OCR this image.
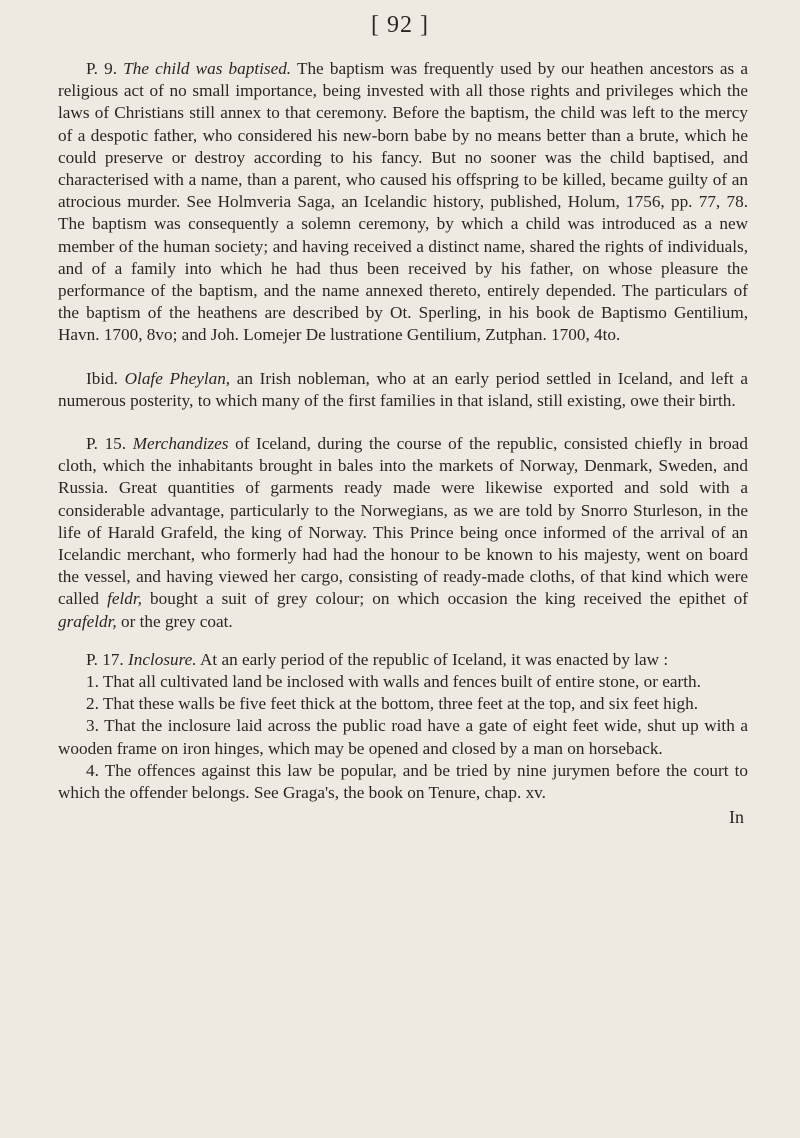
[ 92 ]

P. 9. The child was baptised. The baptism was frequently used by our heathen ancestors as a religious act of no small importance, being invested with all those rights and privileges which the laws of Christians still annex to that ceremony. Before the baptism, the child was left to the mercy of a despotic father, who considered his new-born babe by no means better than a brute, which he could preserve or destroy according to his fancy. But no sooner was the child baptised, and characterised with a name, than a parent, who caused his offspring to be killed, became guilty of an atrocious murder. See Holmveria Saga, an Icelandic history, published, Holum, 1756, pp. 77, 78. The baptism was consequently a solemn ceremony, by which a child was introduced as a new member of the human society; and having received a distinct name, shared the rights of individuals, and of a family into which he had thus been received by his father, on whose pleasure the performance of the baptism, and the name annexed thereto, entirely depended. The particulars of the baptism of the heathens are described by Ot. Sperling, in his book de Baptismo Gentilium, Havn. 1700, 8vo; and Joh. Lomejer De lustratione Gentilium, Zutphan. 1700, 4to.

Ibid. Olafe Pheylan, an Irish nobleman, who at an early period settled in Iceland, and left a numerous posterity, to which many of the first families in that island, still existing, owe their birth.

P. 15. Merchandizes of Iceland, during the course of the republic, consisted chiefly in broad cloth, which the inhabitants brought in bales into the markets of Norway, Denmark, Sweden, and Russia. Great quantities of garments ready made were likewise exported and sold with a considerable advantage, particularly to the Norwegians, as we are told by Snorro Sturleson, in the life of Harald Grafeld, the king of Norway. This Prince being once informed of the arrival of an Icelandic merchant, who formerly had had the honour to be known to his majesty, went on board the vessel, and having viewed her cargo, consisting of ready-made cloths, of that kind which were called feldr, bought a suit of grey colour; on which occasion the king received the epithet of grafeldr, or the grey coat.

P. 17. Inclosure. At an early period of the republic of Iceland, it was enacted by law :

1. That all cultivated land be inclosed with walls and fences built of entire stone, or earth.
2. That these walls be five feet thick at the bottom, three feet at the top, and six feet high.
3. That the inclosure laid across the public road have a gate of eight feet wide, shut up with a wooden frame on iron hinges, which may be opened and closed by a man on horseback.
4. The offences against this law be popular, and be tried by nine jurymen before the court to which the offender belongs. See Graga's, the book on Tenure, chap. xv.
In
